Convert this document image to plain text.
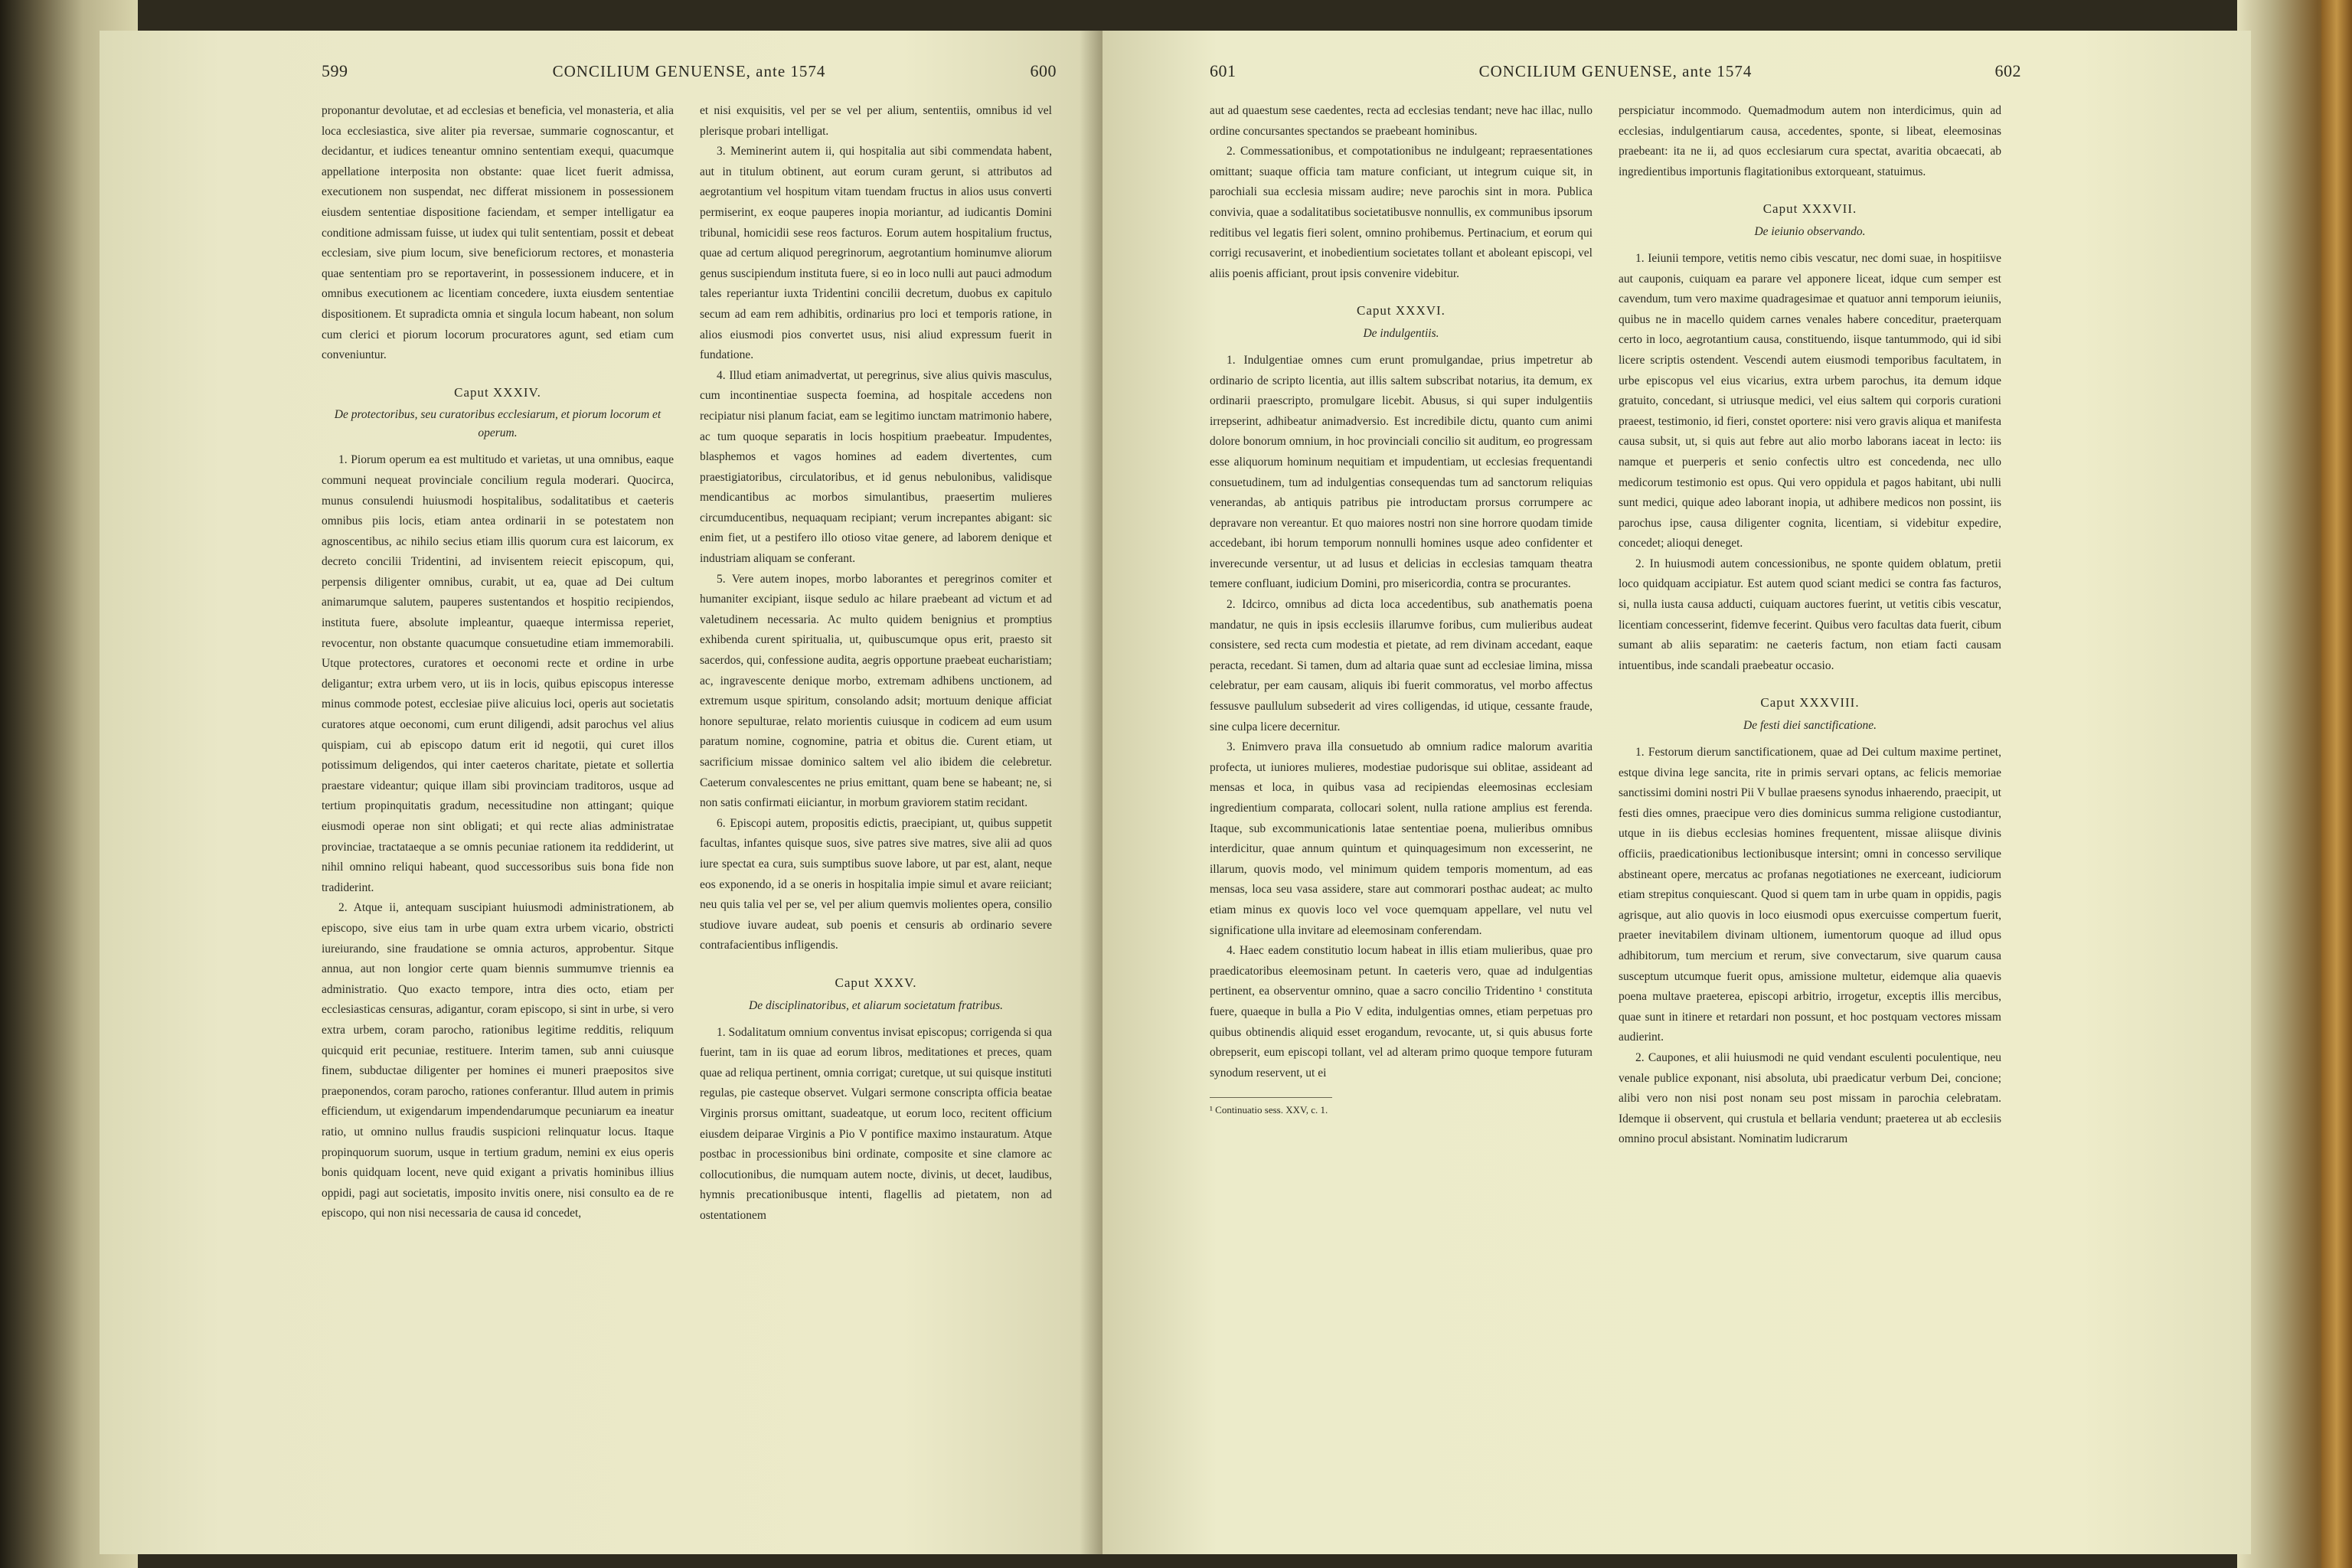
599	CONCILIUM GENUENSE, ante 1574	600

proponantur devolutae, et ad ecclesias et beneficia, vel monasteria, et alia loca ecclesiastica, sive aliter pia reversae, summarie cognoscantur, et decidantur, et iudices teneantur omnino sententiam exequi, quacumque appellatione interposita non obstante: quae licet fuerit admissa, executionem non suspendat, nec differat missionem in possessionem eiusdem sententiae dispositione faciendam, et semper intelligatur ea conditione admissam fuisse, ut iudex qui tulit sententiam, possit et debeat ecclesiam, sive pium locum, sive beneficiorum rectores, et monasteria quae sententiam pro se reportaverint, in possessionem inducere, et in omnibus executionem ac licentiam concedere, iuxta eiusdem sententiae dispositionem. Et supradicta omnia et singula locum habeant, non solum cum clerici et piorum locorum procuratores agunt, sed etiam cum conveniuntur.

Caput XXXIV.
De protectoribus, seu curatoribus ecclesiarum, et piorum locorum et operum.

1. Piorum operum ea est multitudo et varietas, ut una omnibus, eaque communi nequeat provinciale concilium regula moderari. Quocirca, munus consulendi huiusmodi hospitalibus, sodalitatibus et caeteris omnibus piis locis, etiam antea ordinarii in se potestatem non agnoscentibus, ac nihilo secius etiam illis quorum cura est laicorum, ex decreto concilii Tridentini, ad invisentem reiecit episcopum, qui, perpensis diligenter omnibus, curabit, ut ea, quae ad Dei cultum animarumque salutem, pauperes sustentandos et hospitio recipiendos, instituta fuere, absolute impleantur, quaeque intermissa reperiet, revocentur, non obstante quacumque consuetudine etiam immemorabili. Utque protectores, curatores et oeconomi recte et ordine in urbe deligantur; extra urbem vero, ut iis in locis, quibus episcopus interesse minus commode potest, ecclesiae piive alicuius loci, operis aut societatis curatores atque oeconomi, cum erunt diligendi, adsit parochus vel alius quispiam, cui ab episcopo datum erit id negotii, qui curet illos potissimum deligendos, qui inter caeteros charitate, pietate et sollertia praestare videantur; quique illam sibi provinciam traditoros, usque ad tertium propinquitatis gradum, necessitudine non attingant; quique eiusmodi operae non sint obligati; et qui recte alias administratae provinciae, tractataeque a se omnis pecuniae rationem ita reddiderint, ut nihil omnino reliqui habeant, quod successoribus suis bona fide non tradiderint.

2. Atque ii, antequam suscipiant huiusmodi administrationem, ab episcopo, sive eius tam in urbe quam extra urbem vicario, obstricti iureiurando, sine fraudatione se omnia acturos, approbentur. Sitque annua, aut non longior certe quam biennis summumve triennis ea administratio. Quo exacto tempore, intra dies octo, etiam per ecclesiasticas censuras, adigantur, coram episcopo, si sint in urbe, si vero extra urbem, coram parocho, rationibus legitime redditis, reliquum quicquid erit pecuniae, restituere. Interim tamen, sub anni cuiusque finem, subductae diligenter per homines ei muneri praepositos sive praeponendos, coram parocho, rationes conferantur. Illud autem in primis efficiendum, ut exigendarum impendendarumque pecuniarum ea ineatur ratio, ut omnino nullus fraudis suspicioni relinquatur locus. Itaque propinquorum suorum, usque in tertium gradum, nemini ex eius operis bonis quidquam locent, neve quid exigant a privatis hominibus illius oppidi, pagi aut societatis, imposito invitis onere, nisi consulto ea de re episcopo, qui non nisi necessaria de causa id concedet,

et nisi exquisitis, vel per se vel per alium, sententiis, omnibus id vel plerisque probari intelligat.

3. Meminerint autem ii, qui hospitalia aut sibi commendata habent, aut in titulum obtinent, aut eorum curam gerunt, si attributos ad aegrotantium vel hospitum vitam tuendam fructus in alios usus converti permiserint, ex eoque pauperes inopia moriantur, ad iudicantis Domini tribunal, homicidii sese reos facturos. Eorum autem hospitalium fructus, quae ad certum aliquod peregrinorum, aegrotantium hominumve aliorum genus suscipiendum instituta fuere, si eo in loco nulli aut pauci admodum tales reperiantur iuxta Tridentini concilii decretum, duobus ex capitulo secum ad eam rem adhibitis, ordinarius pro loci et temporis ratione, in alios eiusmodi pios convertet usus, nisi aliud expressum fuerit in fundatione.

4. Illud etiam animadvertat, ut peregrinus, sive alius quivis masculus, cum incontinentiae suspecta foemina, ad hospitale accedens non recipiatur nisi planum faciat, eam se legitimo iunctam matrimonio habere, ac tum quoque separatis in locis hospitium praebeatur. Impudentes, blasphemos et vagos homines ad eadem divertentes, cum praestigiatoribus, circulatoribus, et id genus nebulonibus, validisque mendicantibus ac morbos simulantibus, praesertim mulieres circumducentibus, nequaquam recipiant; verum increpantes abigant: sic enim fiet, ut a pestifero illo otioso vitae genere, ad laborem denique et industriam aliquam se conferant.

5. Vere autem inopes, morbo laborantes et peregrinos comiter et humaniter excipiant, iisque sedulo ac hilare praebeant ad victum et ad valetudinem necessaria. Ac multo quidem benignius et promptius exhibenda curent spiritualia, ut, quibuscumque opus erit, praesto sit sacerdos, qui, confessione audita, aegris opportune praebeat eucharistiam; ac, ingravescente denique morbo, extremam adhibens unctionem, ad extremum usque spiritum, consolando adsit; mortuum denique afficiat honore sepulturae, relato morientis cuiusque in codicem ad eum usum paratum nomine, cognomine, patria et obitus die. Curent etiam, ut sacrificium missae dominico saltem vel alio ibidem die celebretur. Caeterum convalescentes ne prius emittant, quam bene se habeant; ne, si non satis confirmati eiiciantur, in morbum graviorem statim recidant.

6. Episcopi autem, propositis edictis, praecipiant, ut, quibus suppetit facultas, infantes quisque suos, sive patres sive matres, sive alii ad quos iure spectat ea cura, suis sumptibus suove labore, ut par est, alant, neque eos exponendo, id a se oneris in hospitalia impie simul et avare reiiciant; neu quis talia vel per se, vel per alium quemvis molientes opera, consilio studiove iuvare audeat, sub poenis et censuris ab ordinario severe contrafacientibus infligendis.

Caput XXXV.
De disciplinatoribus, et aliarum societatum fratribus.

1. Sodalitatum omnium conventus invisat episcopus; corrigenda si qua fuerint, tam in iis quae ad eorum libros, meditationes et preces, quam quae ad reliqua pertinent, omnia corrigat; curetque, ut sui quisque instituti regulas, pie casteque observet. Vulgari sermone conscripta officia beatae Virginis prorsus omittant, suadeatque, ut eorum loco, recitent officium eiusdem deiparae Virginis a Pio V pontifice maximo instauratum. Atque postbac in processionibus bini ordinate, composite et sine clamore ac collocutionibus, die numquam autem nocte, divinis, ut decet, laudibus, hymnis precationibusque intenti, flagellis ad pietatem, non ad ostentationem

601	CONCILIUM GENUENSE, ante 1574	602

aut ad quaestum sese caedentes, recta ad ecclesias tendant; neve hac illac, nullo ordine concursantes spectandos se praebeant hominibus.

2. Commessationibus, et compotationibus ne indulgeant; repraesentationes omittant; suaque officia tam mature conficiant, ut integrum cuique sit, in parochiali sua ecclesia missam audire; neve parochis sint in mora. Publica convivia, quae a sodalitatibus societatibusve nonnullis, ex communibus ipsorum reditibus vel legatis fieri solent, omnino prohibemus. Pertinacium, et eorum qui corrigi recusaverint, et inobedientium societates tollant et aboleant episcopi, vel aliis poenis afficiant, prout ipsis convenire videbitur.

Caput XXXVI.
De indulgentiis.

1. Indulgentiae omnes cum erunt promulgandae, prius impetretur ab ordinario de scripto licentia, aut illis saltem subscribat notarius, ita demum, ex ordinarii praescripto, promulgare licebit. Abusus, si qui super indulgentiis irrepserint, adhibeatur animadversio. Est incredibile dictu, quanto cum animi dolore bonorum omnium, in hoc provinciali concilio sit auditum, eo progressam esse aliquorum hominum nequitiam et impudentiam, ut ecclesias frequentandi consuetudinem, tum ad indulgentias consequendas tum ad sanctorum reliquias venerandas, ab antiquis patribus pie introductam prorsus corrumpere ac depravare non vereantur. Et quo maiores nostri non sine horrore quodam timide accedebant, ibi horum temporum nonnulli homines usque adeo confidenter et inverecunde versentur, ut ad lusus et delicias in ecclesias tamquam theatra temere confluant, iudicium Domini, pro misericordia, contra se procurantes.

2. Idcirco, omnibus ad dicta loca accedentibus, sub anathematis poena mandatur, ne quis in ipsis ecclesiis illarumve foribus, cum mulieribus audeat consistere, sed recta cum modestia et pietate, ad rem divinam accedant, eaque peracta, recedant. Si tamen, dum ad altaria quae sunt ad ecclesiae limina, missa celebratur, per eam causam, aliquis ibi fuerit commoratus, vel morbo affectus fessusve paullulum subsederit ad vires colligendas, id utique, cessante fraude, sine culpa licere decernitur.

3. Enimvero prava illa consuetudo ab omnium radice malorum avaritia profecta, ut iuniores mulieres, modestiae pudorisque sui oblitae, assideant ad mensas et loca, in quibus vasa ad recipiendas eleemosinas ecclesiam ingredientium comparata, collocari solent, nulla ratione amplius est ferenda. Itaque, sub excommunicationis latae sententiae poena, mulieribus omnibus interdicitur, quae annum quintum et quinquagesimum non excesserint, ne illarum, quovis modo, vel minimum quidem temporis momentum, ad eas mensas, loca seu vasa assidere, stare aut commorari posthac audeat; ac multo etiam minus ex quovis loco vel voce quemquam appellare, vel nutu vel significatione ulla invitare ad eleemosinam conferendam.

4. Haec eadem constitutio locum habeat in illis etiam mulieribus, quae pro praedicatoribus eleemosinam petunt. In caeteris vero, quae ad indulgentias pertinent, ea observentur omnino, quae a sacro concilio Tridentino ¹ constituta fuere, quaeque in bulla a Pio V edita, indulgentias omnes, etiam perpetuas pro quibus obtinendis aliquid esset erogandum, revocante, ut, si quis abusus forte obrepserit, eum episcopi tollant, vel ad alteram primo quoque tempore futuram synodum reservent, ut ei

¹ Continuatio sess. XXV, c. 1.

perspiciatur incommodo. Quemadmodum autem non interdicimus, quin ad ecclesias, indulgentiarum causa, accedentes, sponte, si libeat, eleemosinas praebeant: ita ne ii, ad quos ecclesiarum cura spectat, avaritia obcaecati, ab ingredientibus importunis flagitationibus extorqueant, statuimus.

Caput XXXVII.
De ieiunio observando.

1. Ieiunii tempore, vetitis nemo cibis vescatur, nec domi suae, in hospitiisve aut cauponis, cuiquam ea parare vel apponere liceat, idque cum semper est cavendum, tum vero maxime quadragesimae et quatuor anni temporum ieiuniis, quibus ne in macello quidem carnes venales habere conceditur, praeterquam certo in loco, aegrotantium causa, constituendo, iisque tantummodo, qui id sibi licere scriptis ostendent. Vescendi autem eiusmodi temporibus facultatem, in urbe episcopus vel eius vicarius, extra urbem parochus, ita demum idque gratuito, concedant, si utriusque medici, vel eius saltem qui corporis curationi praeest, testimonio, id fieri, constet oportere: nisi vero gravis aliqua et manifesta causa subsit, ut, si quis aut febre aut alio morbo laborans iaceat in lecto: iis namque et puerperis et senio confectis ultro est concedenda, nec ullo medicorum testimonio est opus. Qui vero oppidula et pagos habitant, ubi nulli sunt medici, quique adeo laborant inopia, ut adhibere medicos non possint, iis parochus ipse, causa diligenter cognita, licentiam, si videbitur expedire, concedet; alioqui deneget.

2. In huiusmodi autem concessionibus, ne sponte quidem oblatum, pretii loco quidquam accipiatur. Est autem quod sciant medici se contra fas facturos, si, nulla iusta causa adducti, cuiquam auctores fuerint, ut vetitis cibis vescatur, licentiam concesserint, fidemve fecerint. Quibus vero facultas data fuerit, cibum sumant ab aliis separatim: ne caeteris factum, non etiam facti causam intuentibus, inde scandali praebeatur occasio.

Caput XXXVIII.
De festi diei sanctificatione.

1. Festorum dierum sanctificationem, quae ad Dei cultum maxime pertinet, estque divina lege sancita, rite in primis servari optans, ac felicis memoriae sanctissimi domini nostri Pii V bullae praesens synodus inhaerendo, praecipit, ut festi dies omnes, praecipue vero dies dominicus summa religione custodiantur, utque in iis diebus ecclesias homines frequentent, missae aliisque divinis officiis, praedicationibus lectionibusque intersint; omni in concesso servilique abstineant opere, mercatus ac profanas negotiationes ne exerceant, iudiciorum etiam strepitus conquiescant. Quod si quem tam in urbe quam in oppidis, pagis agrisque, aut alio quovis in loco eiusmodi opus exercuisse compertum fuerit, praeter inevitabilem divinam ultionem, iumentorum quoque ad illud opus adhibitorum, tum mercium et rerum, sive convectarum, sive quarum causa susceptum utcumque fuerit opus, amissione multetur, eidemque alia quaevis poena multave praeterea, episcopi arbitrio, irrogetur, exceptis illis mercibus, quae sunt in itinere et retardari non possunt, et hoc postquam vectores missam audierint.

2. Caupones, et alii huiusmodi ne quid vendant esculenti poculentique, neu venale publice exponant, nisi absoluta, ubi praedicatur verbum Dei, concione; alibi vero non nisi post nonam seu post missam in parochia celebratam. Idemque ii observent, qui crustula et bellaria vendunt; praeterea ut ab ecclesiis omnino procul absistant. Nominatim ludicrarum
